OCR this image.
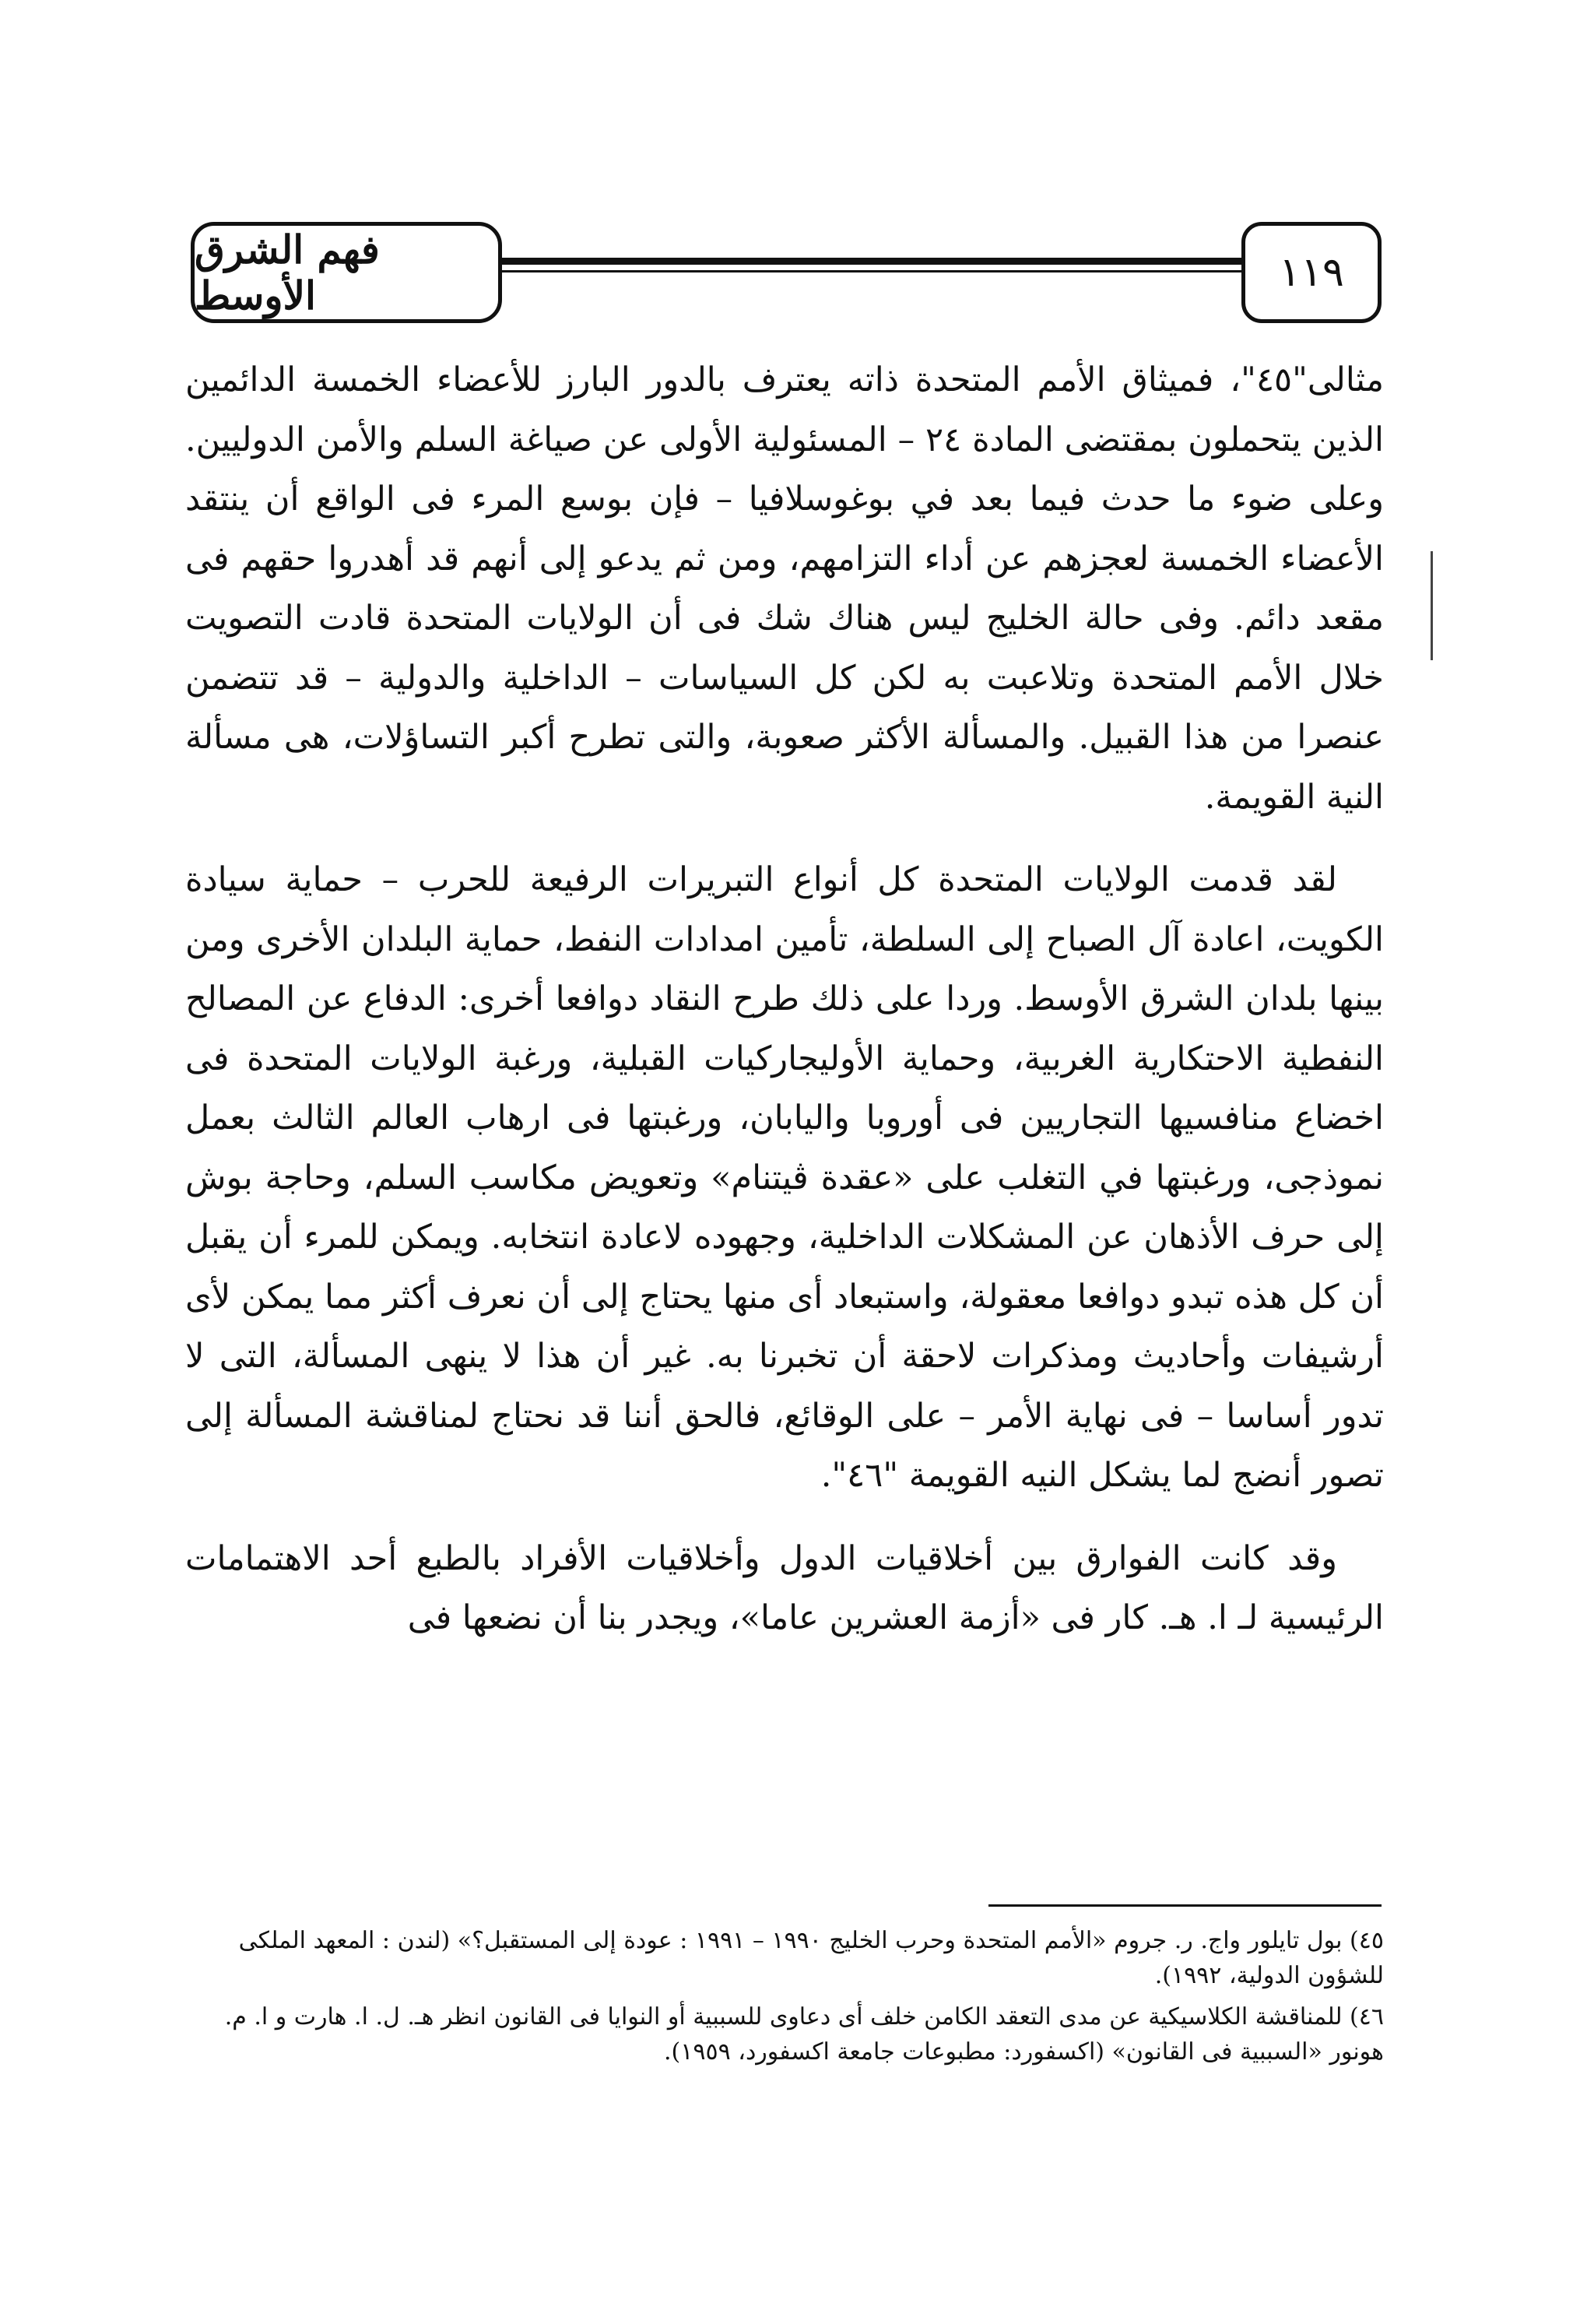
فهم الشرق الأوسط	١١٩

مثالى"٤٥"، فميثاق الأمم المتحدة ذاته يعترف بالدور البارز للأعضاء الخمسة الدائمين الذين يتحملون بمقتضى المادة ٢٤ – المسئولية الأولى عن صياغة السلم والأمن الدوليين. وعلى ضوء ما حدث فيما بعد في بوغوسلافيا – فإن بوسع المرء فى الواقع أن ينتقد الأعضاء الخمسة لعجزهم عن أداء التزامهم، ومن ثم يدعو إلى أنهم قد أهدروا حقهم فى مقعد دائم. وفى حالة الخليج ليس هناك شك فى أن الولايات المتحدة قادت التصويت خلال الأمم المتحدة وتلاعبت به لكن كل السياسات – الداخلية والدولية – قد تتضمن عنصرا من هذا القبيل. والمسألة الأكثر صعوبة، والتى تطرح أكبر التساؤلات، هى مسألة النية القويمة.

لقد قدمت الولايات المتحدة كل أنواع التبريرات الرفيعة للحرب – حماية سيادة الكويت، اعادة آل الصباح إلى السلطة، تأمين امدادات النفط، حماية البلدان الأخرى ومن بينها بلدان الشرق الأوسط. وردا على ذلك طرح النقاد دوافعا أخرى: الدفاع عن المصالح النفطية الاحتكارية الغربية، وحماية الأوليجاركيات القبلية، ورغبة الولايات المتحدة فى اخضاع منافسيها التجاريين فى أوروبا واليابان، ورغبتها فى ارهاب العالم الثالث بعمل نموذجى، ورغبتها في التغلب على «عقدة ڤيتنام» وتعويض مكاسب السلم، وحاجة بوش إلى حرف الأذهان عن المشكلات الداخلية، وجهوده لاعادة انتخابه. ويمكن للمرء أن يقبل أن كل هذه تبدو دوافعا معقولة، واستبعاد أى منها يحتاج إلى أن نعرف أكثر مما يمكن لأى أرشيفات وأحاديث ومذكرات لاحقة أن تخبرنا به. غير أن هذا لا ينهى المسألة، التى لا تدور أساسا – فى نهاية الأمر – على الوقائع، فالحق أننا قد نحتاج لمناقشة المسألة إلى تصور أنضج لما يشكل النيه القويمة "٤٦".

وقد كانت الفوارق بين أخلاقيات الدول وأخلاقيات الأفراد بالطبع أحد الاهتمامات الرئيسية لـ ا. هـ. كار فى «أزمة العشرين عاما»، ويجدر بنا أن نضعها فى

٤٥) بول تايلور واج. ر. جروم «الأمم المتحدة وحرب الخليج ١٩٩٠ – ١٩٩١ : عودة إلى المستقبل؟» (لندن : المعهد الملكى للشؤون الدولية، ١٩٩٢).

٤٦) للمناقشة الكلاسيكية عن مدى التعقد الكامن خلف أى دعاوى للسببية أو النوايا فى القانون انظر هـ. ل. ا. هارت و ا. م. هونور «السببية فى القانون» (اكسفورد: مطبوعات جامعة اكسفورد، ١٩٥٩).
